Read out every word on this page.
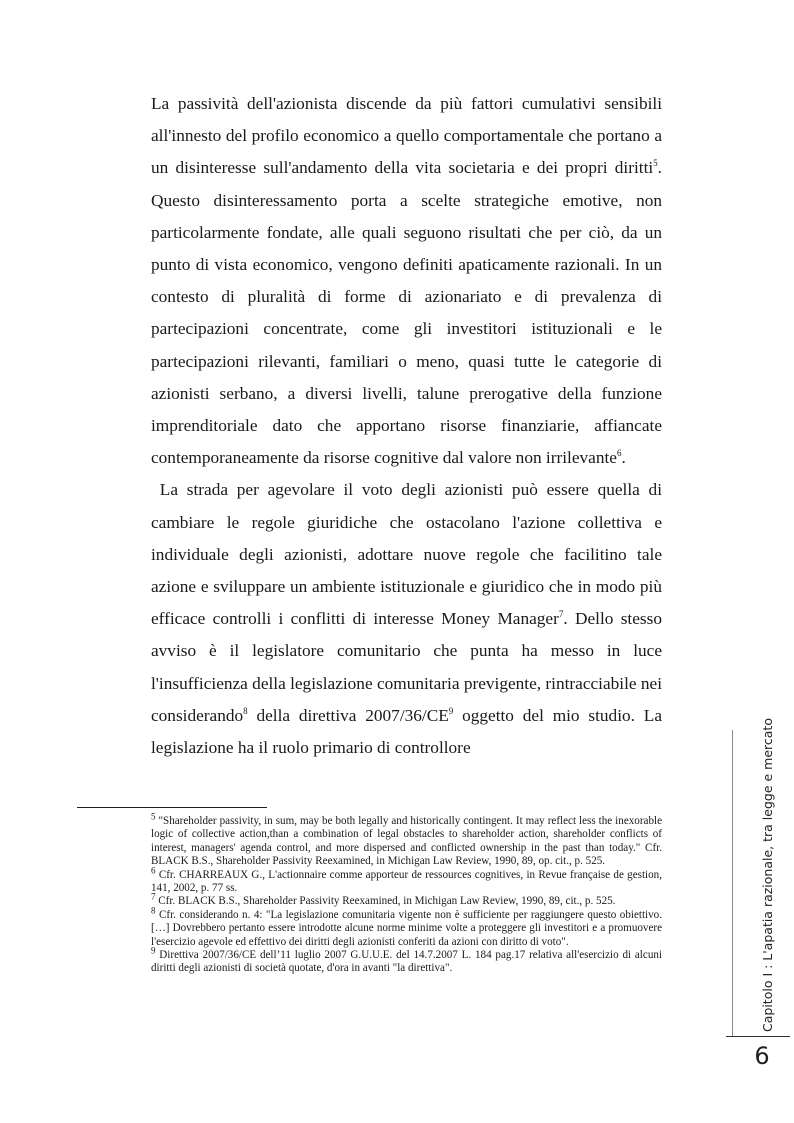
La passività dell'azionista discende da più fattori cumulativi sensibili all'innesto del profilo economico a quello comportamentale che portano a un disinteresse sull'andamento della vita societaria e dei propri diritti$^5$. Questo disinteressamento porta a scelte strategiche emotive, non particolarmente fondate, alle quali seguono risultati che per ciò, da un punto di vista economico, vengono definiti apaticamente razionali. In un contesto di pluralità di forme di azionariato e di prevalenza di partecipazioni concentrate, come gli investitori istituzionali e le partecipazioni rilevanti, familiari o meno, quasi tutte le categorie di azionisti serbano, a diversi livelli, talune prerogative della funzione imprenditoriale dato che apportano risorse finanziarie, affiancate contemporaneamente da risorse cognitive dal valore non irrilevante$^6$.

La strada per agevolare il voto degli azionisti può essere quella di cambiare le regole giuridiche che ostacolano l'azione collettiva e individuale degli azionisti, adottare nuove regole che facilitino tale azione e sviluppare un ambiente istituzionale e giuridico che in modo più efficace controlli i conflitti di interesse Money Manager$^7$. Dello stesso avviso è il legislatore comunitario che punta ha messo in luce l'insufficienza della legislazione comunitaria previgente, rintracciabile nei considerando$^8$ della direttiva $2007/36/CE^9$ oggetto del mio studio. La legislazione ha il ruolo primario di controllore

$^5$ "Shareholder passivity, in sum, may be both legally and historically contingent. It may reflect less the inexorable logic of collective action,than a combination of legal obstacles to shareholder action, shareholder conflicts of interest, managers' agenda control, and more dispersed and conflicted ownership in the past than today." Cfr. BLACK B.S., Shareholder Passivity Reexamined, in Michigan Law Review, 1990, 89, op. cit., p. 525.

$^6$ Cfr. CHARREAUX G., L'actionnaire comme apporteur de ressources cognitives, in Revue française de gestion, 141, 2002, p. 77 ss.

$^7$ Cfr. BLACK B.S., Shareholder Passivity Reexamined, in Michigan Law Review, 1990, 89, cit., p. 525.

$^8$ Cfr. considerando n. 4: "La legislazione comunitaria vigente non è sufficiente per raggiungere questo obiettivo. […] Dovrebbero pertanto essere introdotte alcune norme minime volte a proteggere gli investitori e a promuovere l'esercizio agevole ed effettivo dei diritti degli azionisti conferiti da azioni con diritto di voto".

$^9$ Direttiva 2007/36/CE dell’11 luglio 2007 G.U.U.E. del 14.7.2007 L. 184 pag.17 relativa all'esercizio di alcuni diritti degli azionisti di società quotate, d'ora in avanti "la direttiva".	Capitolo I : L'apatia razionale, tra legge e mercato
6
